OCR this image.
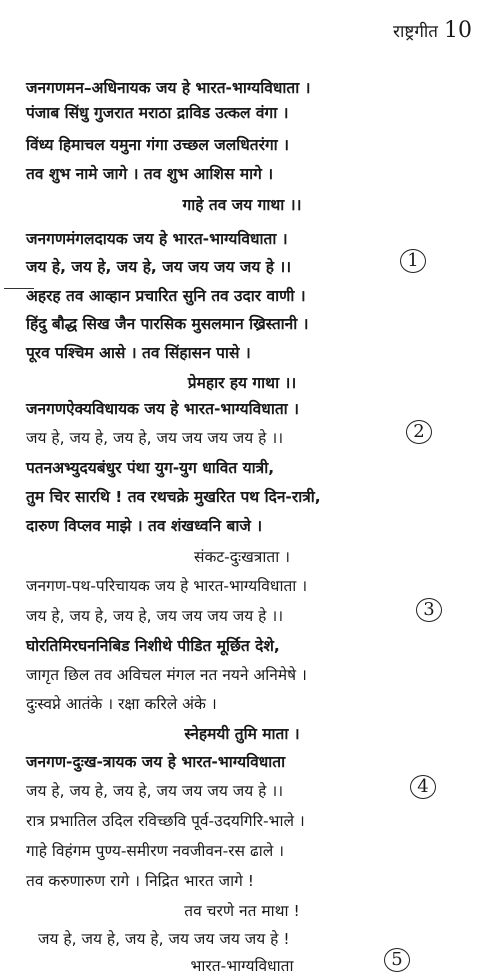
राष्ट्रगीत 10
जनगणमन–अधिनायक जय हे भारत-भाग्यविधाता ।
पंजाब सिंधु गुजरात मराठा द्राविड उत्कल वंगा ।
विंध्य हिमाचल यमुना गंगा उच्छल जलधितरंगा ।
तव शुभ नामे जागे । तव शुभ आशिस मागे ।
गाहे तव जय गाथा ।।
जनगणमंगलदायक जय हे भारत-भाग्यविधाता ।
जय हे, जय हे, जय हे, जय जय जय जय हे ।।
अहरह तव आव्हान प्रचारित सुनि तव उदार वाणी ।
हिंदु बौद्ध सिख जैन पारसिक मुसलमान ख्रिस्तानी ।
पूरव पश्चिम आसे । तव सिंहासन पासे ।
प्रेमहार हय गाथा ।।
जनगणऐक्यविधायक जय हे भारत-भाग्यविधाता ।
जय हे, जय हे, जय हे, जय जय जय जय हे ।।
पतनअभ्युदयबंधुर पंथा युग-युग धावित यात्री,
तुम चिर सारथि ! तव रथचक्रे मुखरित पथ दिन-रात्री,
दारुण विप्लव माझे । तव शंखध्वनि बाजे ।
संकट-दुःखत्राता ।
जनगण-पथ-परिचायक जय हे भारत-भाग्यविधाता ।
जय हे, जय हे, जय हे, जय जय जय जय हे ।।
घोरतिमिरघननिबिड निशीथे पीडित मूर्छित देशे,
जागृत छिल तव अविचल मंगल नत नयने अनिमेषे ।
दुःस्वप्ने आतंके । रक्षा करिले अंके ।
स्नेहमयी तुमि माता ।
जनगण-दुःख-त्रायक जय हे भारत-भाग्यविधाता
जय हे, जय हे, जय हे, जय जय जय जय हे ।।
रात्र प्रभातिल उदिल रविच्छवि पूर्व-उदयगिरि-भाले ।
गाहे विहंगम पुण्य-समीरण नवजीवन-रस ढाले ।
तव करुणारुण रागे । निद्रित भारत जागे !
तव चरणे नत माथा !
जय हे, जय हे, जय हे, जय जय जय जय हे !
भारत-भाग्यविधाता
1
2
3
4
5
